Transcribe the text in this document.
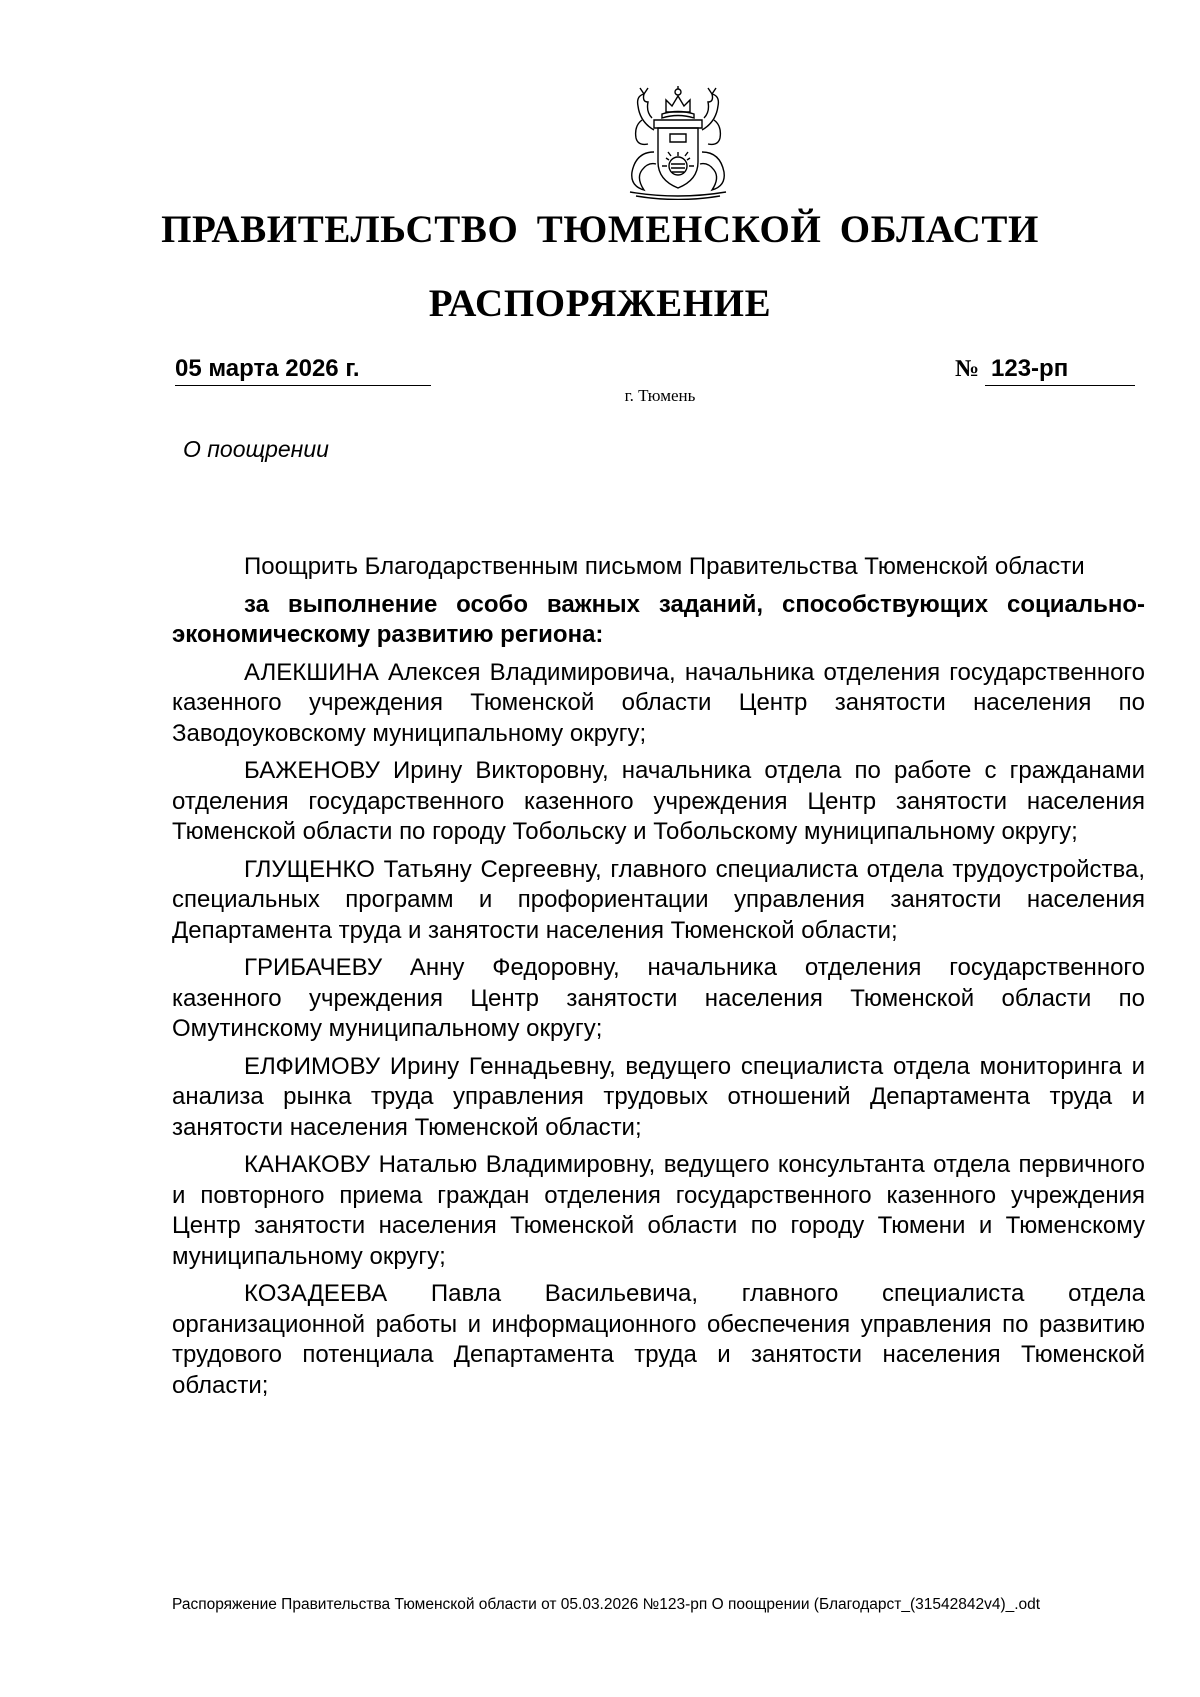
ПРАВИТЕЛЬСТВО ТЮМЕНСКОЙ ОБЛАСТИ
РАСПОРЯЖЕНИЕ
05 марта 2026 г.	№ 123-рп
г. Тюмень
О поощрении

Поощрить Благодарственным письмом Правительства Тюменской области

за выполнение особо важных заданий, способствующих социально-экономическому развитию региона:

АЛЕКШИНА Алексея Владимировича, начальника отделения государственного казенного учреждения Тюменской области Центр занятости населения по Заводоуковскому муниципальному округу;

БАЖЕНОВУ Ирину Викторовну, начальника отдела по работе с гражданами отделения государственного казенного учреждения Центр занятости населения Тюменской области по городу Тобольску и Тобольскому муниципальному округу;

ГЛУЩЕНКО Татьяну Сергеевну, главного специалиста отдела трудоустройства, специальных программ и профориентации управления занятости населения Департамента труда и занятости населения Тюменской области;

ГРИБАЧЕВУ Анну Федоровну, начальника отделения государственного казенного учреждения Центр занятости населения Тюменской области по Омутинскому муниципальному округу;

ЕЛФИМОВУ Ирину Геннадьевну, ведущего специалиста отдела мониторинга и анализа рынка труда управления трудовых отношений Департамента труда и занятости населения Тюменской области;

КАНАКОВУ Наталью Владимировну, ведущего консультанта отдела первичного и повторного приема граждан отделения государственного казенного учреждения Центр занятости населения Тюменской области по городу Тюмени и Тюменскому муниципальному округу;

КОЗАДЕЕВА Павла Васильевича, главного специалиста отдела организационной работы и информационного обеспечения управления по развитию трудового потенциала Департамента труда и занятости населения Тюменской области;

Распоряжение Правительства Тюменской области от 05.03.2026 №123-рп О поощрении (Благодарст_(31542842v4)_.odt
